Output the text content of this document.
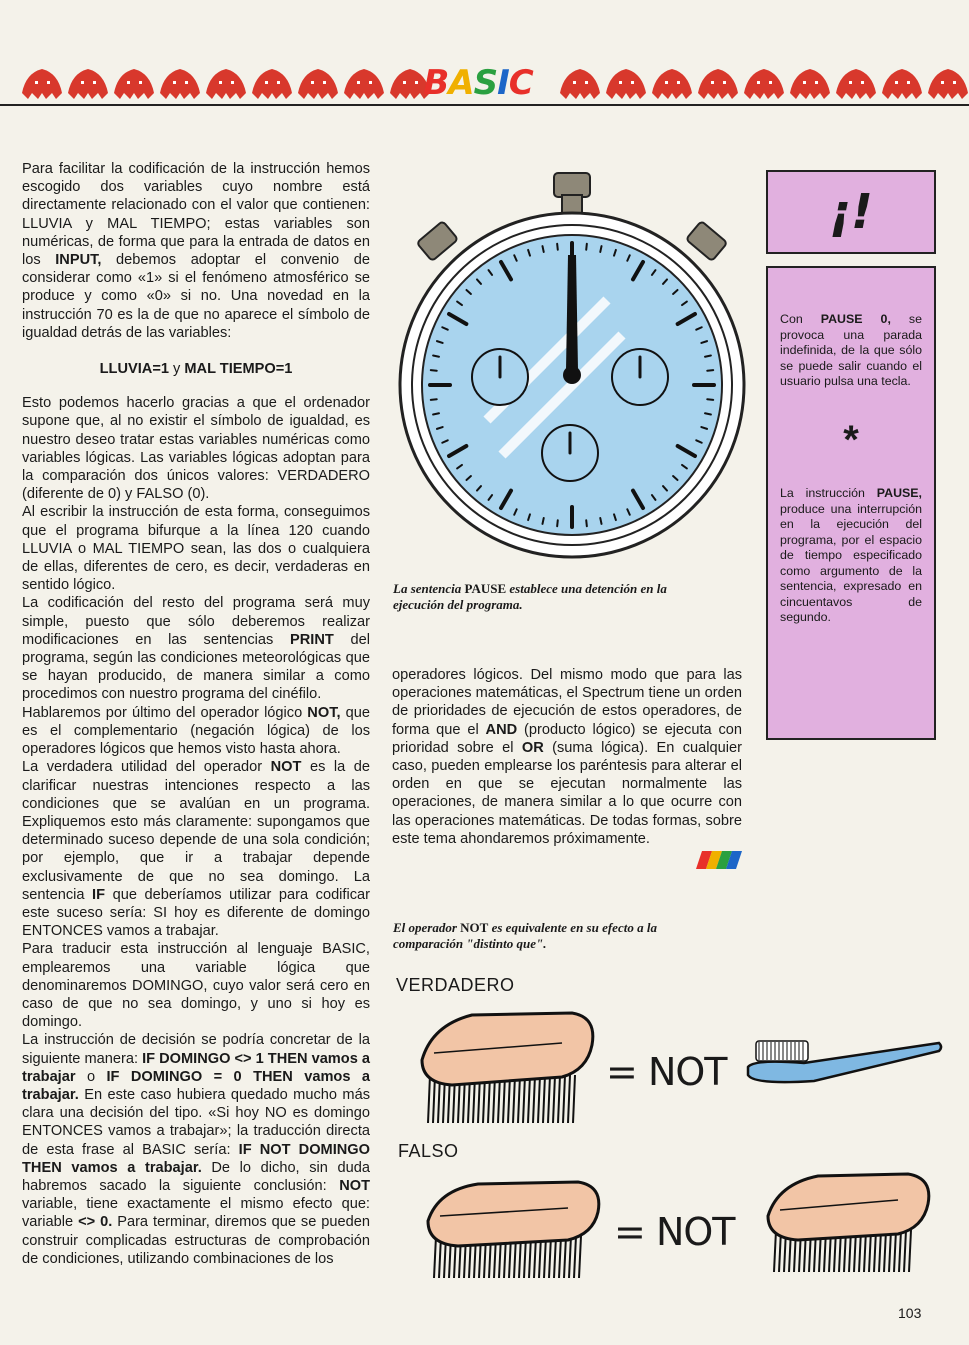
B A S I C

Para facilitar la codificación de la instrucción hemos escogido dos variables cuyo nombre está directamente relacionado con el valor que contienen: LLUVIA y MAL TIEMPO; estas variables son numéricas, de forma que para la entrada de datos en los INPUT, debemos adoptar el convenio de considerar como «1» si el fenómeno atmosférico se produce y como «0» si no. Una novedad en la instrucción 70 es la de que no aparece el símbolo de igualdad detrás de las variables:

LLUVIA=1 y MAL TIEMPO=1

Esto podemos hacerlo gracias a que el ordenador supone que, al no existir el símbolo de igualdad, es nuestro deseo tratar estas variables numéricas como variables lógicas. Las variables lógicas adoptan para la comparación dos únicos valores: VERDADERO (diferente de 0) y FALSO (0).

Al escribir la instrucción de esta forma, conseguimos que el programa bifurque a la línea 120 cuando LLUVIA o MAL TIEMPO sean, las dos o cualquiera de ellas, diferentes de cero, es decir, verdaderas en sentido lógico.

La codificación del resto del programa será muy simple, puesto que sólo deberemos realizar modificaciones en las sentencias PRINT del programa, según las condiciones meteorológicas que se hayan producido, de manera similar a como procedimos con nuestro programa del cinéfilo.

Hablaremos por último del operador lógico NOT, que es el complementario (negación lógica) de los operadores lógicos que hemos visto hasta ahora.

La verdadera utilidad del operador NOT es la de clarificar nuestras intenciones respecto a las condiciones que se avalúan en un programa. Expliquemos esto más claramente: supongamos que determinado suceso depende de una sola condición; por ejemplo, que ir a trabajar depende exclusivamente de que no sea domingo. La sentencia IF que deberíamos utilizar para codificar este suceso sería: SI hoy es diferente de domingo ENTONCES vamos a trabajar.

Para traducir esta instrucción al lenguaje BASIC, emplearemos una variable lógica que denominaremos DOMINGO, cuyo valor será cero en caso de que no sea domingo, y uno si hoy es domingo.

La instrucción de decisión se podría concretar de la siguiente manera: IF DOMINGO <> 1 THEN vamos a trabajar o IF DOMINGO = 0 THEN vamos a trabajar. En este caso hubiera quedado mucho más clara una decisión del tipo. «Si hoy NO es domingo ENTONCES vamos a trabajar»; la traducción directa de esta frase al BASIC sería: IF NOT DOMINGO THEN vamos a trabajar. De lo dicho, sin duda habremos sacado la siguiente conclusión: NOT variable, tiene exactamente el mismo efecto que: variable <> 0. Para terminar, diremos que se pueden construir complicadas estructuras de comprobación de condiciones, utilizando combinaciones de los

La sentencia PAUSE establece una detención en la ejecución del programa.
¡!
Con PAUSE 0, se provoca una parada indefinida, de la que sólo se puede salir cuando el usuario pulsa una tecla.
*
La instrucción PAUSE, produce una interrupción en la ejecución del programa, por el espacio de tiempo especificado como argumento de la sentencia, expresado en cincuentavos de segundo.

operadores lógicos. Del mismo modo que para las operaciones matemáticas, el Spectrum tiene un orden de prioridades de ejecución de estos operadores, de forma que el AND (producto lógico) se ejecuta con prioridad sobre el OR (suma lógica). En cualquier caso, pueden emplearse los paréntesis para alterar el orden en que se ejecutan normalmente las operaciones, de manera similar a lo que ocurre con las operaciones matemáticas. De todas formas, sobre este tema ahondaremos próximamente.

El operador NOT es equivalente en su efecto a la comparación "distinto que".
VERDADERO
FALSO
= NOT
= NOT
103
